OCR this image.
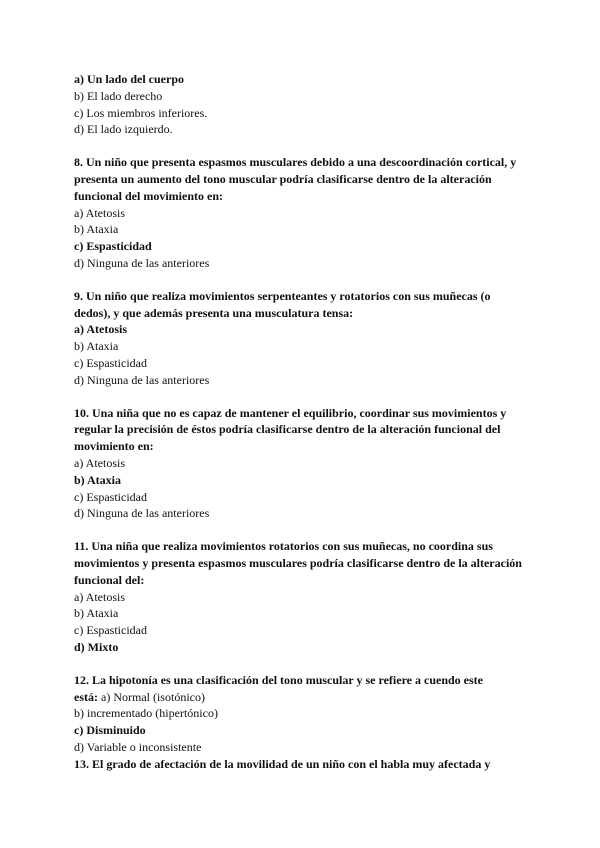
a) Un lado del cuerpo
b) El lado derecho
c) Los miembros inferiores.
d) El lado izquierdo.
8. Un niño que presenta espasmos musculares debido a una descoordinación cortical, y
presenta un aumento del tono muscular podría clasificarse dentro de la alteración
funcional del movimiento en:
a) Atetosis
b) Ataxia
c) Espasticidad
d) Ninguna de las anteriores
9. Un niño que realiza movimientos serpenteantes y rotatorios con sus muñecas (o
dedos), y que además presenta una musculatura tensa:
a) Atetosis
b) Ataxia
c) Espasticidad
d) Ninguna de las anteriores
10. Una niña que no es capaz de mantener el equilibrio, coordinar sus movimientos y
regular la precisión de éstos podría clasificarse dentro de la alteración funcional del
movimiento en:
a) Atetosis
b) Ataxia
c) Espasticidad
d) Ninguna de las anteriores
11. Una niña que realiza movimientos rotatorios con sus muñecas, no coordina sus
movimientos y presenta espasmos musculares podría clasificarse dentro de la alteración
funcional del:
a) Atetosis
b) Ataxia
c) Espasticidad
d) Mixto
12. La hipotonía es una clasificación del tono muscular y se refiere a cuendo este
está: a) Normal (isotónico)
b) incrementado (hipertónico)
c) Disminuido
d) Variable o inconsistente
13. El grado de afectación de la movilidad de un niño con el habla muy afectada y
